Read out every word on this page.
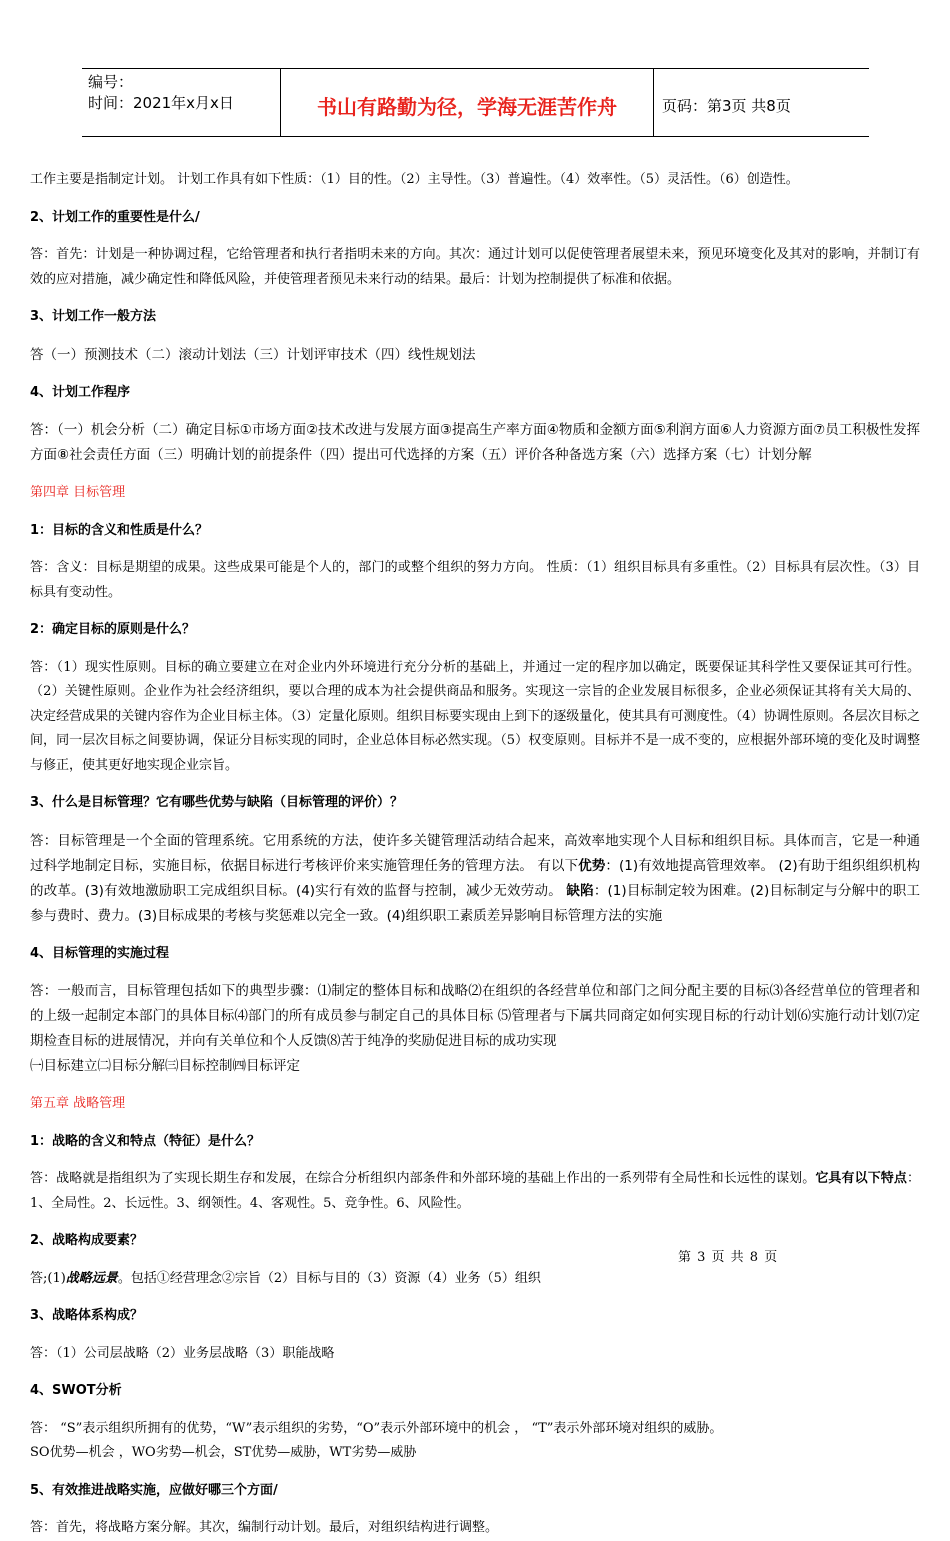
编号：
时间：2021年x月x日	书山有路勤为径，学海无涯苦作舟	页码：第3页 共8页

工作主要是指制定计划。 计划工作具有如下性质：（1）目的性。（2）主导性。（3）普遍性。（4）效率性。（5）灵活性。（6）创造性。

2、计划工作的重要性是什么/

答：首先：计划是一种协调过程，它给管理者和执行者指明未来的方向。其次：通过计划可以促使管理者展望未来，预见环境变化及其对的影响，并制订有效的应对措施，减少确定性和降低风险，并使管理者预见未来行动的结果。最后：计划为控制提供了标准和依据。

3、计划工作一般方法

答（一）预测技术（二）滚动计划法（三）计划评审技术（四）线性规划法

4、计划工作程序

答：（一）机会分析（二）确定目标①市场方面②技术改进与发展方面③提高生产率方面④物质和金额方面⑤利润方面⑥人力资源方面⑦员工积极性发挥方面⑧社会责任方面（三）明确计划的前提条件（四）提出可代选择的方案（五）评价各种备选方案（六）选择方案（七）计划分解

第四章 目标管理

1：目标的含义和性质是什么？

答：含义：目标是期望的成果。这些成果可能是个人的，部门的或整个组织的努力方向。 性质：（1）组织目标具有多重性。（2）目标具有层次性。（3）目标具有变动性。

2：确定目标的原则是什么？

答：（1）现实性原则。目标的确立要建立在对企业内外环境进行充分分析的基础上，并通过一定的程序加以确定，既要保证其科学性又要保证其可行性。（2）关键性原则。企业作为社会经济组织，要以合理的成本为社会提供商品和服务。实现这一宗旨的企业发展目标很多，企业必须保证其将有关大局的、决定经营成果的关键内容作为企业目标主体。（3）定量化原则。组织目标要实现由上到下的逐级量化，使其具有可测度性。（4）协调性原则。各层次目标之间，同一层次目标之间要协调，保证分目标实现的同时，企业总体目标必然实现。（5）权变原则。目标并不是一成不变的，应根据外部环境的变化及时调整与修正，使其更好地实现企业宗旨。

3、什么是目标管理？它有哪些优势与缺陷（目标管理的评价）？

答：目标管理是一个全面的管理系统。它用系统的方法，使许多关键管理活动结合起来，高效率地实现个人目标和组织目标。具体而言，它是一种通过科学地制定目标，实施目标，依据目标进行考核评价来实施管理任务的管理方法。 有以下优势：(1)有效地提高管理效率。 (2)有助于组织组织机构的改革。(3)有效地激励职工完成组织目标。(4)实行有效的监督与控制，减少无效劳动。 缺陷：(1)目标制定较为困难。(2)目标制定与分解中的职工参与费时、费力。(3)目标成果的考核与奖惩难以完全一致。(4)组织职工素质差异影响目标管理方法的实施

4、目标管理的实施过程

答：一般而言，目标管理包括如下的典型步骤：⑴制定的整体目标和战略⑵在组织的各经营单位和部门之间分配主要的目标⑶各经营单位的管理者和的上级一起制定本部门的具体目标⑷部门的所有成员参与制定自己的具体目标 ⑸管理者与下属共同商定如何实现目标的行动计划⑹实施行动计划⑺定期检查目标的进展情况，并向有关单位和个人反馈⑻苦于纯净的奖励促进目标的成功实现

㈠目标建立㈡目标分解㈢目标控制㈣目标评定

第五章 战略管理

1：战略的含义和特点（特征）是什么？

答：战略就是指组织为了实现长期生存和发展，在综合分析组织内部条件和外部环境的基础上作出的一系列带有全局性和长远性的谋划。它具有以下特点：1、全局性。2、长远性。3、纲领性。4、客观性。5、竞争性。6、风险性。

2、战略构成要素？

答;(1)战略远景。包括①经营理念②宗旨（2）目标与目的（3）资源（4）业务（5）组织

3、战略体系构成？

答：（1）公司层战略（2）业务层战略（3）职能战略

4、SWOT分析

答： “S”表示组织所拥有的优势，“W”表示组织的劣势，“O”表示外部环境中的机会 ， “T”表示外部环境对组织的威胁。

SO优势—机会 ，WO劣势—机会，ST优势—威胁，WT劣势—威胁

5、有效推进战略实施，应做好哪三个方面/

答：首先，将战略方案分解。其次，编制行动计划。最后，对组织结构进行调整。

第 3 页 共 8 页
